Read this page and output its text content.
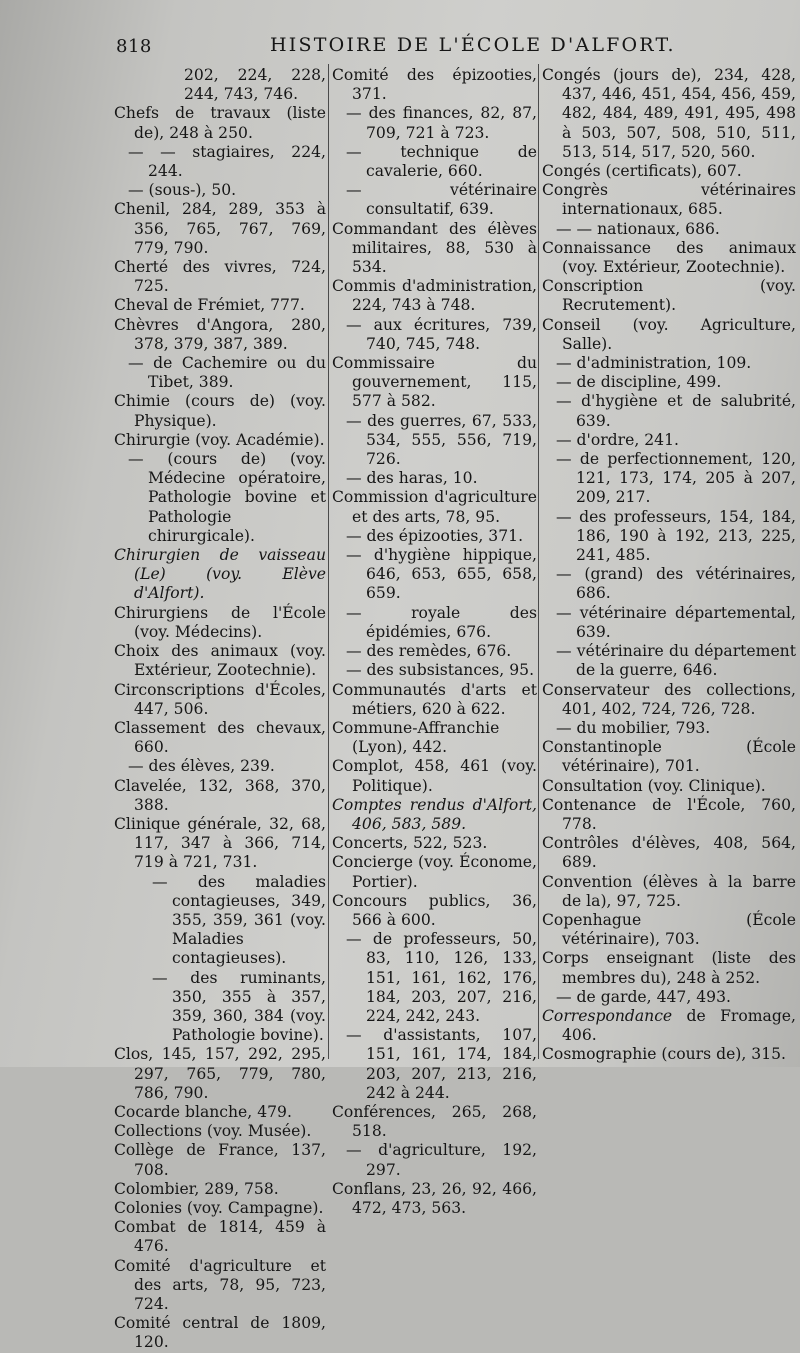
818	HISTOIRE DE L'ÉCOLE D'ALFORT.

202, 224, 228, 244, 743, 746.

Chefs de travaux (liste de), 248 à 250.

— — stagiaires, 224, 244.

— (sous-), 50.

Chenil, 284, 289, 353 à 356, 765, 767, 769, 779, 790.

Cherté des vivres, 724, 725.

Cheval de Frémiet, 777.

Chèvres d'Angora, 280, 378, 379, 387, 389.

— de Cachemire ou du Tibet, 389.

Chimie (cours de) (voy. Physique).

Chirurgie (voy. Académie).

— (cours de) (voy. Médecine opératoire, Pathologie bovine et Pathologie chirurgicale).

Chirurgien de vaisseau (Le) (voy. Elève d'Alfort).

Chirurgiens de l'École (voy. Médecins).

Choix des animaux (voy. Extérieur, Zootechnie).

Circonscriptions d'Écoles, 447, 506.

Classement des chevaux, 660.

— des élèves, 239.

Clavelée, 132, 368, 370, 388.

Clinique générale, 32, 68, 117, 347 à 366, 714, 719 à 721, 731.

— des maladies contagieuses, 349, 355, 359, 361 (voy. Maladies contagieuses).

— des ruminants, 350, 355 à 357, 359, 360, 384 (voy. Pathologie bovine).

Clos, 145, 157, 292, 295, 297, 765, 779, 780, 786, 790.

Cocarde blanche, 479.

Collections (voy. Musée).

Collège de France, 137, 708.

Colombier, 289, 758.

Colonies (voy. Campagne).

Combat de 1814, 459 à 476.

Comité d'agriculture et des arts, 78, 95, 723, 724.

Comité central de 1809, 120.

Comité des épizooties, 371.

— des finances, 82, 87, 709, 721 à 723.

— technique de cavalerie, 660.

— vétérinaire consultatif, 639.

Commandant des élèves militaires, 88, 530 à 534.

Commis d'administration, 224, 743 à 748.

— aux écritures, 739, 740, 745, 748.

Commissaire du gouvernement, 115, 577 à 582.

— des guerres, 67, 533, 534, 555, 556, 719, 726.

— des haras, 10.

Commission d'agriculture et des arts, 78, 95.

— des épizooties, 371.

— d'hygiène hippique, 646, 653, 655, 658, 659.

— royale des épidémies, 676.

— des remèdes, 676.

— des subsistances, 95.

Communautés d'arts et métiers, 620 à 622.

Commune-Affranchie (Lyon), 442.

Complot, 458, 461 (voy. Politique).

Comptes rendus d'Alfort, 406, 583, 589.

Concerts, 522, 523.

Concierge (voy. Économe, Portier).

Concours publics, 36, 566 à 600.

— de professeurs, 50, 83, 110, 126, 133, 151, 161, 162, 176, 184, 203, 207, 216, 224, 242, 243.

— d'assistants, 107, 151, 161, 174, 184, 203, 207, 213, 216, 242 à 244.

Conférences, 265, 268, 518.

— d'agriculture, 192, 297.

Conflans, 23, 26, 92, 466, 472, 473, 563.

Congés (jours de), 234, 428, 437, 446, 451, 454, 456, 459, 482, 484, 489, 491, 495, 498 à 503, 507, 508, 510, 511, 513, 514, 517, 520, 560.

Congés (certificats), 607.

Congrès vétérinaires internationaux, 685.

— — nationaux, 686.

Connaissance des animaux (voy. Extérieur, Zootechnie).

Conscription (voy. Recrutement).

Conseil (voy. Agriculture, Salle).

— d'administration, 109.

— de discipline, 499.

— d'hygiène et de salubrité, 639.

— d'ordre, 241.

— de perfectionnement, 120, 121, 173, 174, 205 à 207, 209, 217.

— des professeurs, 154, 184, 186, 190 à 192, 213, 225, 241, 485.

— (grand) des vétérinaires, 686.

— vétérinaire départemental, 639.

— vétérinaire du département de la guerre, 646.

Conservateur des collections, 401, 402, 724, 726, 728.

— du mobilier, 793.

Constantinople (École vétérinaire), 701.

Consultation (voy. Clinique).

Contenance de l'École, 760, 778.

Contrôles d'élèves, 408, 564, 689.

Convention (élèves à la barre de la), 97, 725.

Copenhague (École vétérinaire), 703.

Corps enseignant (liste des membres du), 248 à 252.

— de garde, 447, 493.

Correspondance de Fromage, 406.

Cosmographie (cours de), 315.
